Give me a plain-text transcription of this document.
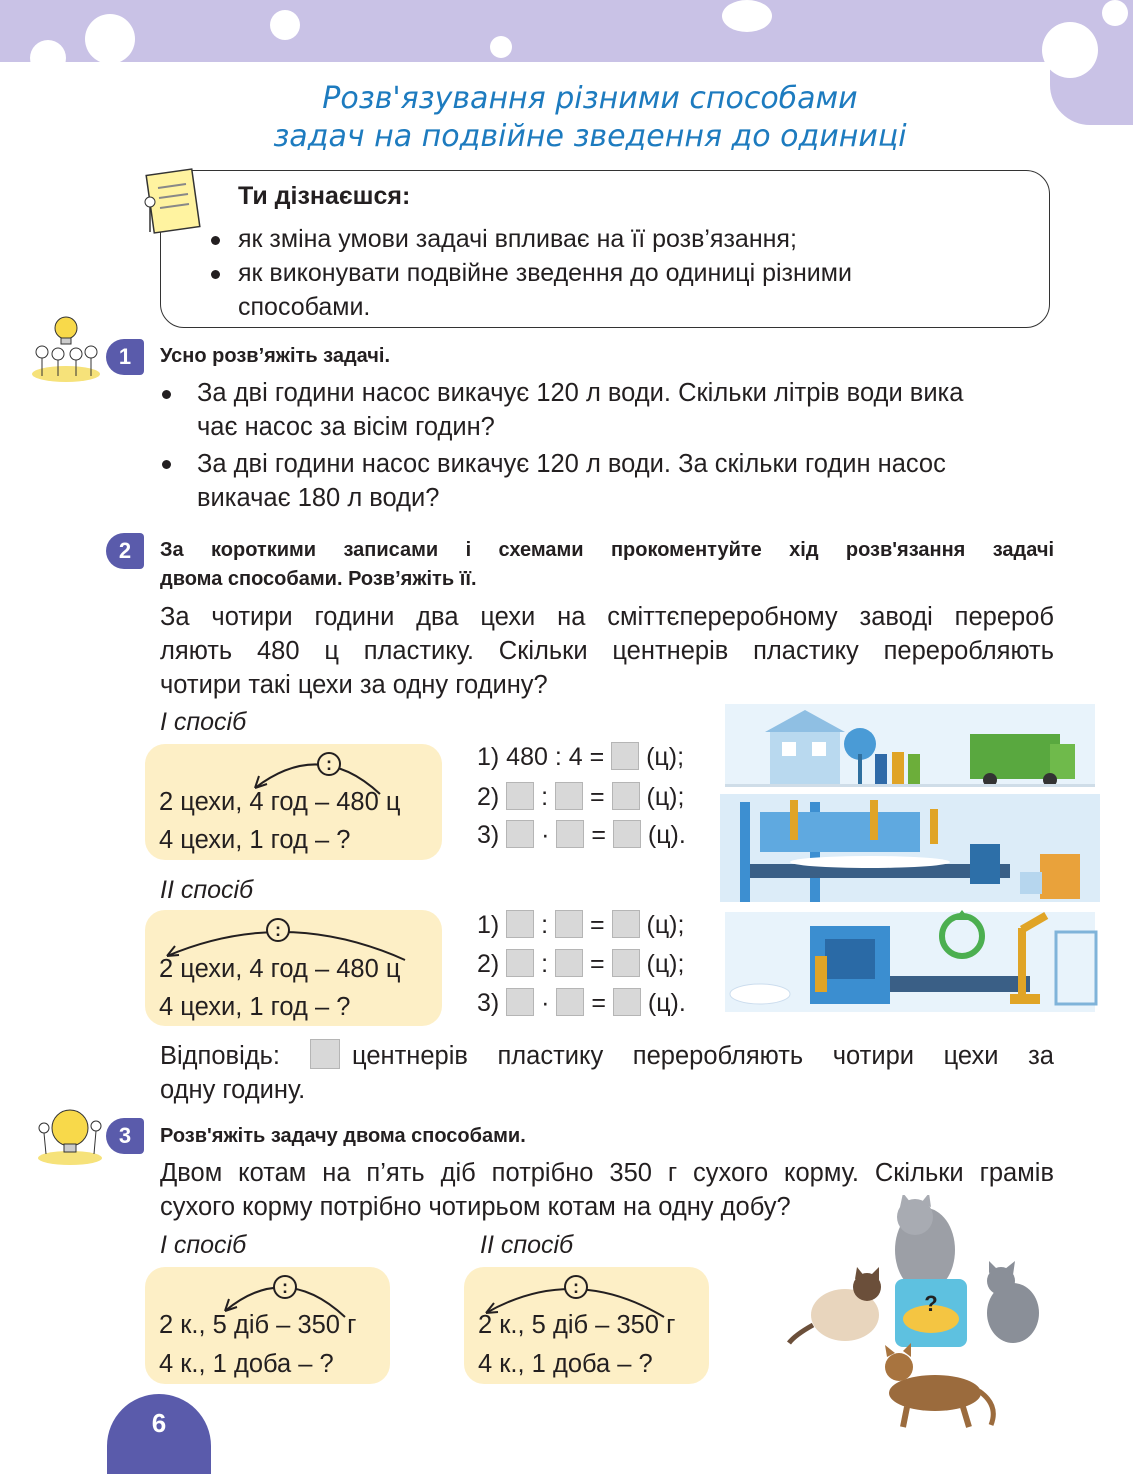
Розв'язування різними способами
задач на подвійне зведення до одиниці
Ти дізнаєшся:
як зміна умови задачі впливає на її розв’язання;
як виконувати подвійне зведення до одиниці різними
способами.
1	Усно розв’яжіть задачі.
За дві години насос викачує 120 л води. Скільки літрів води вика
чає насос за вісім годин?
За дві години насос викачує 120 л води. За скільки годин насос
викачає 180 л води?
2	За короткими записами і схемами прокоментуйте хід розв'язання задачі
двома способами. Розв’яжіть її.
За чотири години два цехи на сміттєпереробному заводі перероб
ляють 480 ц пластику. Скільки центнерів пластику переробляють
чотири такі цехи за одну годину?
І спосіб
:
2 цехи, 4 год – 480 ц
4 цехи, 1 год – ?
1) 480 : 4 = (ц);
2) : = (ц);
3) · = (ц).
ІІ спосіб
:
2 цехи, 4 год – 480 ц
4 цехи, 1 год – ?
1) : = (ц);
2) : = (ц);
3) · = (ц).
Відповідь:	центнерів пластику переробляють чотири цехи за
одну годину.
3	Розв'яжіть задачу двома способами.
Двом котам на п’ять діб потрібно 350 г сухого корму. Скільки грамів
сухого корму потрібно чотирьом котам на одну добу?
І спосіб	ІІ спосіб
:
2 к., 5 діб – 350 г
4 к., 1 доба – ?
:
2 к., 5 діб – 350 г
4 к., 1 доба – ?
?
6
